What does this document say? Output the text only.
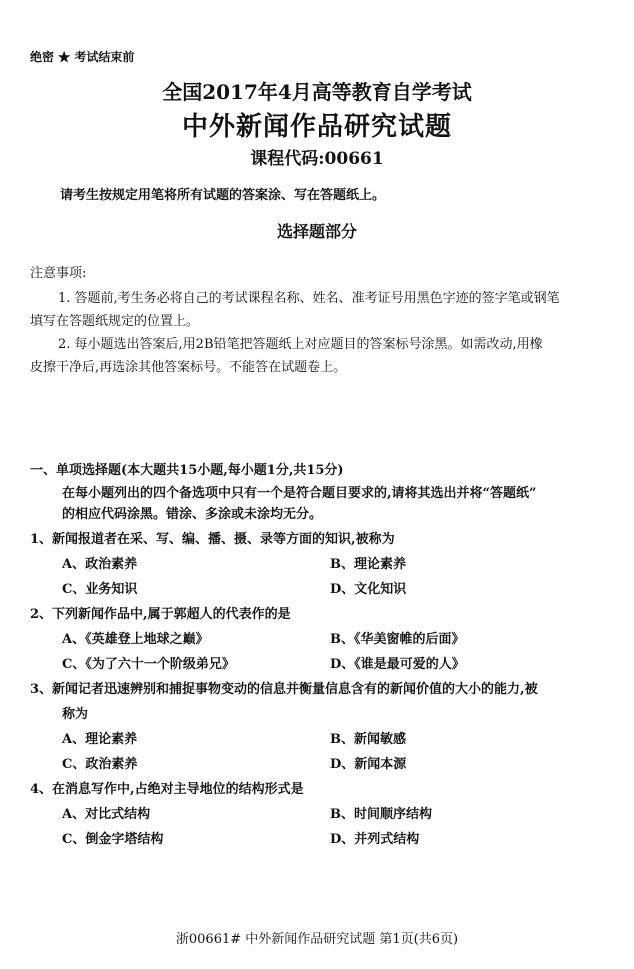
绝密 ★ 考试结束前
全国2017年4月高等教育自学考试
中外新闻作品研究试题
课程代码:00661
请考生按规定用笔将所有试题的答案涂、写在答题纸上。
选择题部分
注意事项:
1. 答题前,考生务必将自己的考试课程名称、姓名、准考证号用黑色字迹的签字笔或钢笔
填写在答题纸规定的位置上。
2. 每小题选出答案后,用2B铅笔把答题纸上对应题目的答案标号涂黑。如需改动,用橡
皮擦干净后,再选涂其他答案标号。不能答在试题卷上。
一、单项选择题(本大题共15小题,每小题1分,共15分)
在每小题列出的四个备选项中只有一个是符合题目要求的,请将其选出并将“答题纸”
的相应代码涂黑。错涂、多涂或未涂均无分。
1、新闻报道者在采、写、编、播、摄、录等方面的知识,被称为
A、政治素养	B、理论素养
C、业务知识	D、文化知识
2、下列新闻作品中,属于郭超人的代表作的是
A、《英雄登上地球之巅》	B、《华美窗帷的后面》
C、《为了六十一个阶级弟兄》	D、《谁是最可爱的人》
3、新闻记者迅速辨别和捕捉事物变动的信息并衡量信息含有的新闻价值的大小的能力,被
称为
A、理论素养	B、新闻敏感
C、政治素养	D、新闻本源
4、在消息写作中,占绝对主导地位的结构形式是
A、对比式结构	B、时间顺序结构
C、倒金字塔结构	D、并列式结构
浙00661# 中外新闻作品研究试题 第1页(共6页)
